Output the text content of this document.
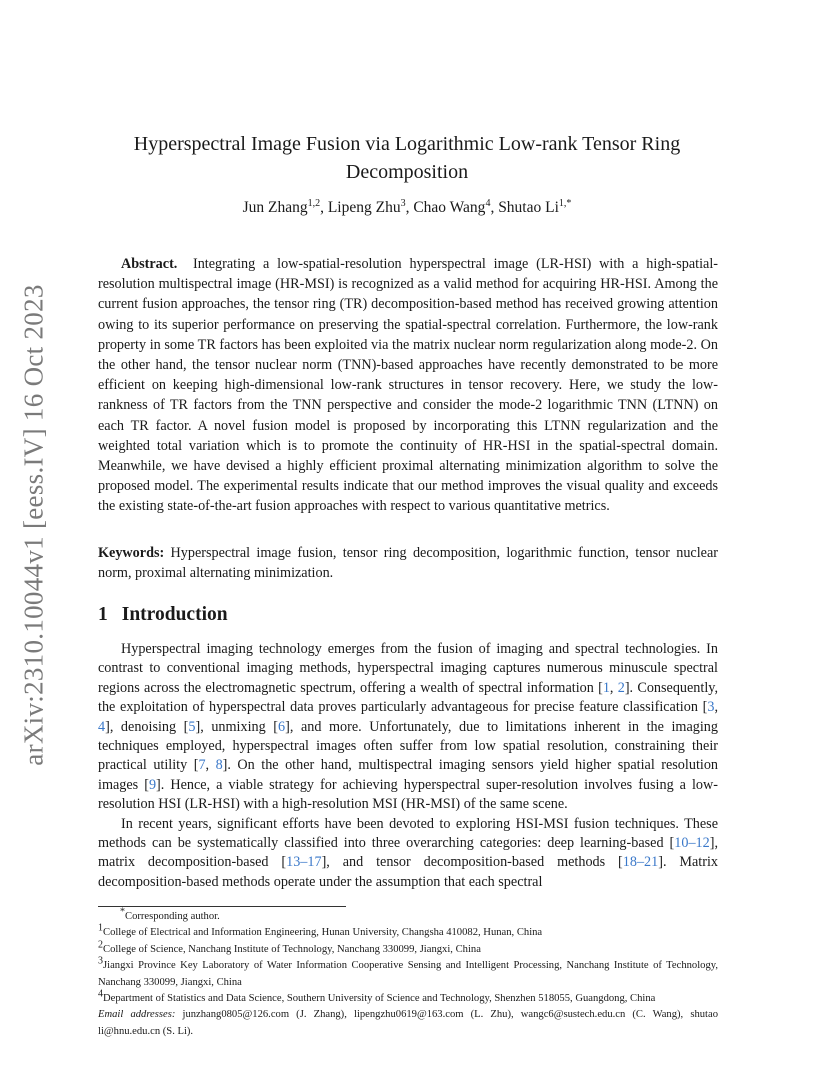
arXiv:2310.10044v1 [eess.IV] 16 Oct 2023
Hyperspectral Image Fusion via Logarithmic Low-rank Tensor Ring Decomposition
Jun Zhang$^{1,2}$, Lipeng Zhu$^3$, Chao Wang$^4$, Shutao $Li^{1,*}$

Abstract. Integrating a low-spatial-resolution hyperspectral image (LR-HSI) with a high-spatial-resolution multispectral image (HR-MSI) is recognized as a valid method for acquiring HR-HSI. Among the current fusion approaches, the tensor ring (TR) decomposition-based method has received growing attention owing to its superior performance on preserving the spatial-spectral correlation. Furthermore, the low-rank property in some TR factors has been exploited via the matrix nuclear norm regularization along mode-2. On the other hand, the tensor nuclear norm (TNN)-based approaches have recently demonstrated to be more efficient on keeping high-dimensional low-rank structures in tensor recovery. Here, we study the low-rankness of TR factors from the TNN perspective and consider the mode-2 logarithmic TNN (LTNN) on each TR factor. A novel fusion model is proposed by incorporating this LTNN regularization and the weighted total variation which is to promote the continuity of HR-HSI in the spatial-spectral domain. Meanwhile, we have devised a highly efficient proximal alternating minimization algorithm to solve the proposed model. The experimental results indicate that our method improves the visual quality and exceeds the existing state-of-the-art fusion approaches with respect to various quantitative metrics.

Keywords: Hyperspectral image fusion, tensor ring decomposition, logarithmic function, tensor nuclear norm, proximal alternating minimization.

1 Introduction

Hyperspectral imaging technology emerges from the fusion of imaging and spectral technologies. In contrast to conventional imaging methods, hyperspectral imaging captures numerous minuscule spectral regions across the electromagnetic spectrum, offering a wealth of spectral information [1, 2]. Consequently, the exploitation of hyperspectral data proves particularly advantageous for precise feature classification [3, 4], denoising [5], unmixing [6], and more. Unfortunately, due to limitations inherent in the imaging techniques employed, hyperspectral images often suffer from low spatial resolution, constraining their practical utility [7, 8]. On the other hand, multispectral imaging sensors yield higher spatial resolution images [9]. Hence, a viable strategy for achieving hyperspectral super-resolution involves fusing a low-resolution HSI (LR-HSI) with a high-resolution MSI (HR-MSI) of the same scene.

In recent years, significant efforts have been devoted to exploring HSI-MSI fusion techniques. These methods can be systematically classified into three overarching categories: deep learning-based [10–12], matrix decomposition-based [13–17], and tensor decomposition-based methods [18–21]. Matrix decomposition-based methods operate under the assumption that each spectral

*Corresponding author.

$^1$College of Electrical and Information Engineering, Hunan University, Changsha 410082, Hunan, China

$^2$College of Science, Nanchang Institute of Technology, Nanchang 330099, Jiangxi, China

$^3$Jiangxi Province Key Laboratory of Water Information Cooperative Sensing and Intelligent Processing, Nanchang Institute of Technology, Nanchang 330099, Jiangxi, China

$^4$Department of Statistics and Data Science, Southern University of Science and Technology, Shenzhen 518055, Guangdong, China

Email addresses: junzhang0805@126.com (J. Zhang), lipengzhu0619@163.com (L. Zhu), wangc6@sustech.edu.cn (C. Wang), shutao li@hnu.edu.cn (S. Li).
